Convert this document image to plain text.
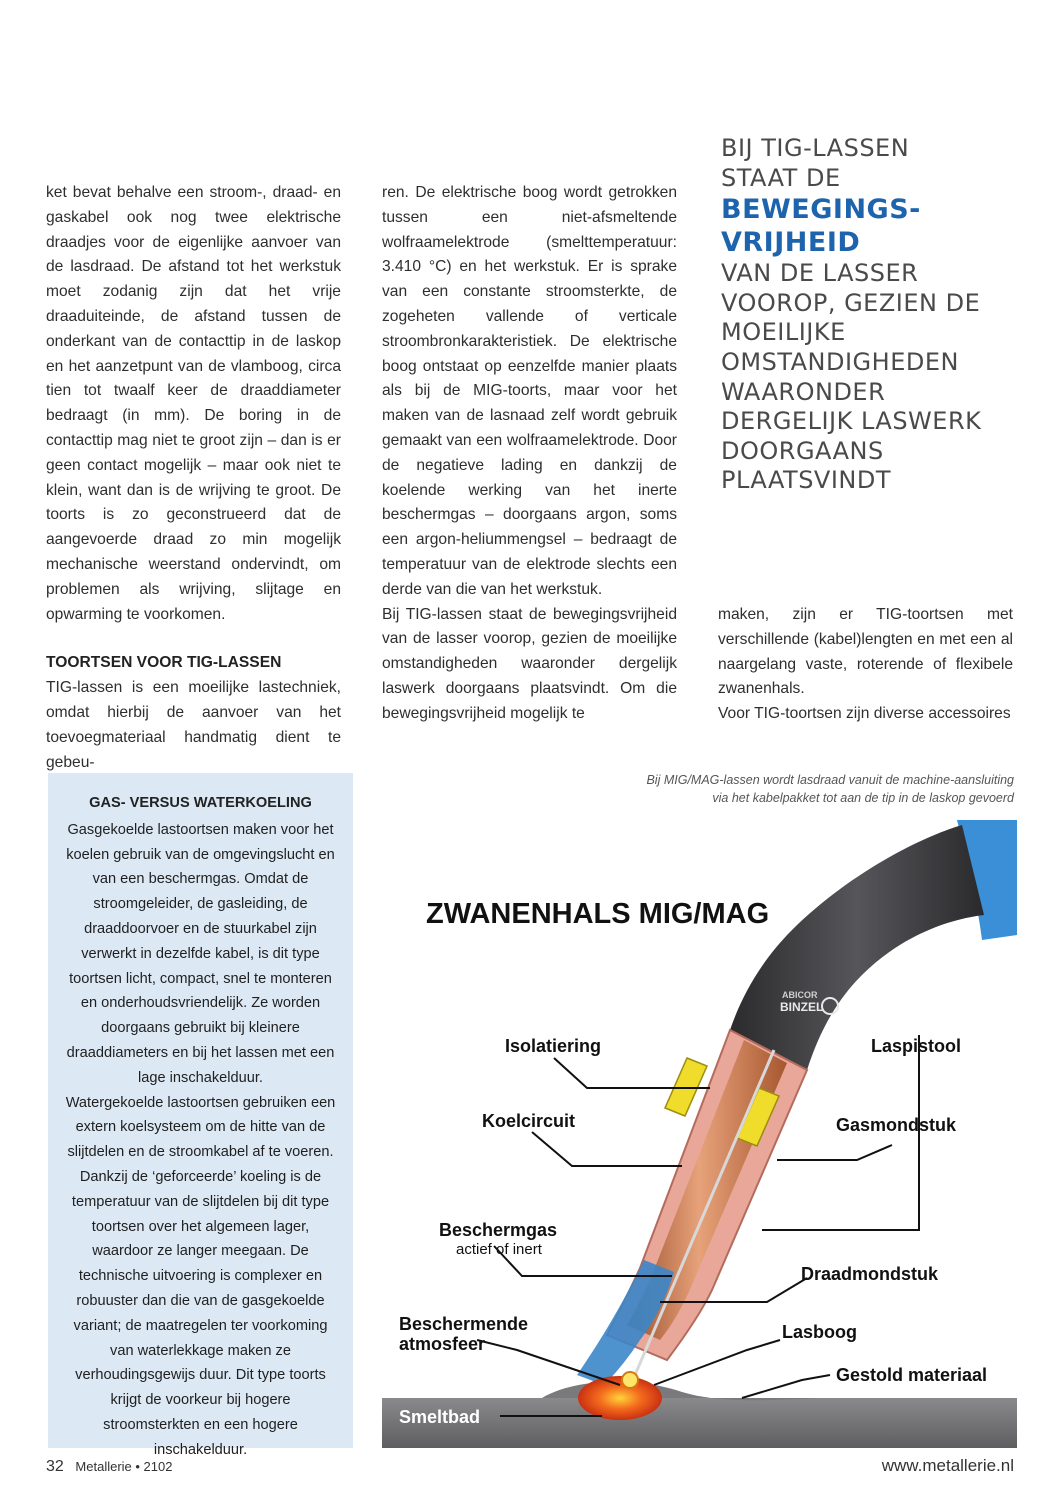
ket bevat behalve een stroom-, draad- en gaskabel ook nog twee elektrische draadjes voor de eigenlijke aanvoer van de lasdraad. De afstand tot het werkstuk moet zodanig zijn dat het vrije draaduiteinde, de afstand tussen de onderkant van de contacttip in de laskop en het aanzetpunt van de vlamboog, circa tien tot twaalf keer de draaddiameter bedraagt (in mm). De boring in de contacttip mag niet te groot zijn – dan is er geen contact mogelijk – maar ook niet te klein, want dan is de wrijving te groot. De toorts is zo geconstrueerd dat de aangevoerde draad zo min mogelijk mechanische weerstand ondervindt, om problemen als wrijving, slijtage en opwarming te voorkomen.

TOORTSEN VOOR TIG-LASSEN

TIG-lassen is een moeilijke lastechniek, omdat hierbij de aanvoer van het toevoegmateriaal handmatig dient te gebeu-

ren. De elektrische boog wordt getrokken tussen een niet-afsmeltende wolfraamelektrode (smelttemperatuur: 3.410 °C) en het werkstuk. Er is sprake van een constante stroomsterkte, de zogeheten vallende of verticale stroombronkarakteristiek. De elektrische boog ontstaat op eenzelfde manier plaats als bij de MIG-toorts, maar voor het maken van de lasnaad zelf wordt gebruik gemaakt van een wolfraamelektrode. Door de negatieve lading en dankzij de koelende werking van het inerte beschermgas – doorgaans argon, soms een argon-heliummengsel – bedraagt de temperatuur van de elektrode slechts een derde van die van het werkstuk.

Bij TIG-lassen staat de bewegingsvrijheid van de lasser voorop, gezien de moeilijke omstandigheden waaronder dergelijk laswerk doorgaans plaatsvindt. Om die bewegingsvrijheid mogelijk te

BIJ TIG-LASSEN
STAAT DE
BEWEGINGS-
VRIJHEID
VAN DE LASSER
VOOROP, GEZIEN DE
MOEILIJKE
OMSTANDIGHEDEN
WAARONDER
DERGELIJK LASWERK
DOORGAANS
PLAATSVINDT

maken, zijn er TIG-toortsen met verschillende (kabel)lengten en met een al naargelang vaste, roterende of flexibele zwanenhals.

Voor TIG-toortsen zijn diverse accessoires

GAS- VERSUS WATERKOELING

Gasgekoelde lastoortsen maken voor het koelen gebruik van de omgevingslucht en van een beschermgas. Omdat de stroomgeleider, de gasleiding, de draaddoorvoer en de stuurkabel zijn verwerkt in dezelfde kabel, is dit type toortsen licht, compact, snel te monteren en onderhoudsvriendelijk. Ze worden doorgaans gebruikt bij kleinere draaddiameters en bij het lassen met een lage inschakelduur.

Watergekoelde lastoortsen gebruiken een extern koelsysteem om de hitte van de slijtdelen en de stroomkabel af te voeren. Dankzij de ‘geforceerde’ koeling is de temperatuur van de slijtdelen bij dit type toortsen over het algemeen lager, waardoor ze langer meegaan. De technische uitvoering is complexer en robuuster dan die van de gasgekoelde variant; de maatregelen ter voorkoming van waterlekkage maken ze verhoudingsgewijs duur. Dit type toorts krijgt de voorkeur bij hogere stroomsterkten en een hogere inschakelduur.

Bij MIG/MAG-lassen wordt lasdraad vanuit de machine-aansluiting
via het kabelpakket tot aan de tip in de laskop gevoerd
ABICOR
BINZEL
ZWANENHALS MIG/MAG
Isolatiering
Koelcircuit
Beschermgas
actief of inert
Beschermende
atmosfeer
Laspistool
Gasmondstuk
Draadmondstuk
Lasboog
Gestold materiaal
Smeltbad
32 Metallerie • 2102	www.metallerie.nl
